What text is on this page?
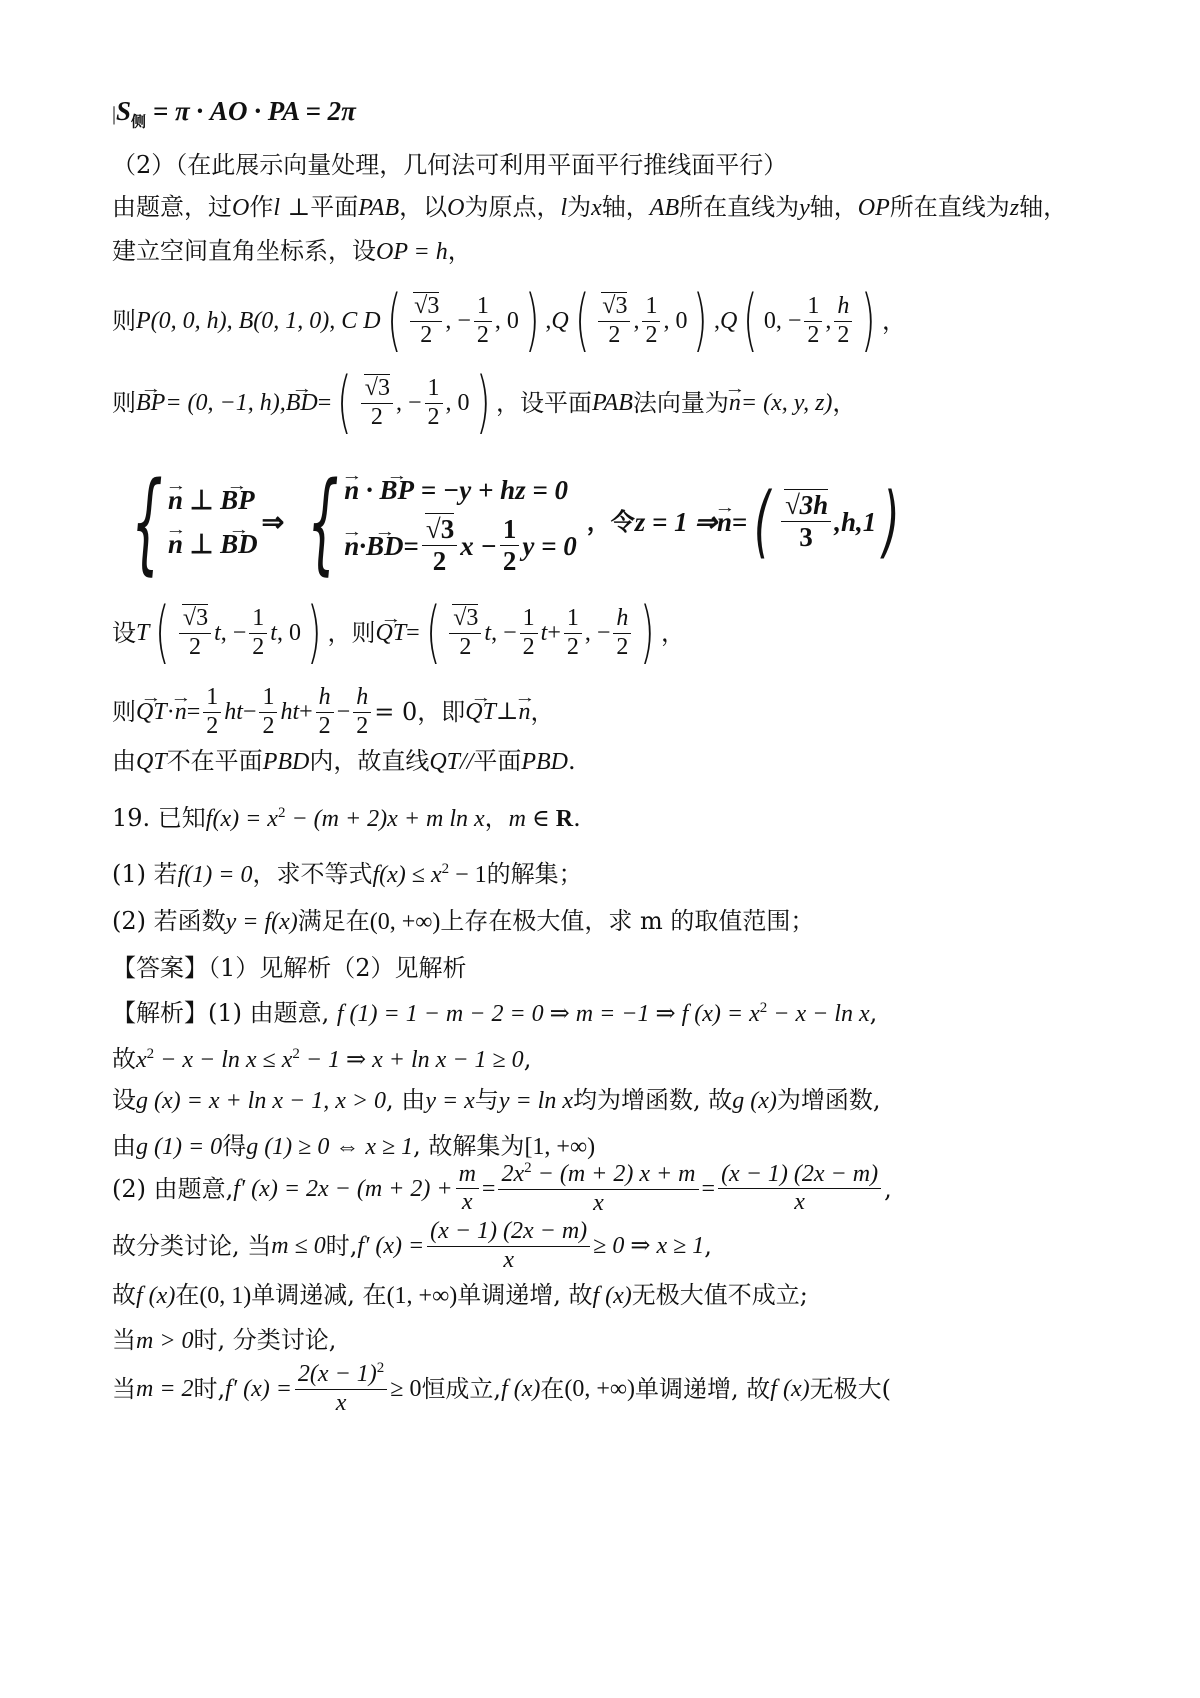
$|S_侧 = \pi$ · AO · PA = 2π
（2）（在此展示向量处理，几何法可利用平面平行推线面平行）
由题意，过O作l ⊥平面PAB，以O为原点，l为x轴，AB所在直线为y轴，OP所在直线为z轴，
建立空间直角坐标系，设OP = h，
则 P(0, 0, h), B(0, 1, 0), C D ( $\frac{√3}{2}$ , − $\frac{1}{2}$ , 0 ) , Q ( $\frac{√3}{2}$ , $\frac{1}{2}$ , 0 ) , Q ( 0, − $\frac{1}{2}$ , $\frac{h}{2}$ ) ，
则 → BP = (0, −1, h), → BD = ( $\frac{√3}{2}$ , − $\frac{1}{2}$ , 0 ) ，设平面 PAB 法向量为 → n = (x, y, z) ，
{ → n ⊥ → BP
→ n ⊥ → BD
⇒ { → n · → BP = −y + hz = 0
→ n · → BD = $\frac{√3}{2}$ $x - \frac{1}{2}$ y = 0
，令 z = 1 ⇒ → n = ( $\frac{√3h}{3} ,h,1$ )
设 T ( $\frac{√3}{2}$ t , − $\frac{1}{2}$ t , 0 ) ，则 → QT = ( $\frac{√3}{2}$ t , − $\frac{1}{2}$ $t + \frac{1}{2}$ , − $\frac{h}{2}$ ) ，
则 → QT · → $n = \frac{1}{2}$ ht − $\frac{1}{2}$ ht + $\frac{h}{2} - \frac{h}{2} = 0$，即 → QT ⊥ → n ，
由QT不在平面PBD内，故直线QT//平面PBD.
19. 已知$f(x) = x^2 - (m + 2)x + m$ ln x，m ∈ R.
(1) 若f(1) = 0，求不等式$f(x) \le x^2 - 1$的解集；
(2) 若函数y = f(x)满足在(0, +∞)上存在极大值，求 m 的取值范围；
【答案】（1）见解析（2）见解析
【解析】(1) 由题意, f (1) = 1 − m − 2 = 0 ⇒ m = −1 ⇒ f $(x) = x^2 - x - \ln x$,
故$x^2 - x - \ln x \le x^2 - 1$ ⇒ x + ln x − 1 ≥ 0,
设g (x) = x + ln x − 1, x > 0, 由y = x与y = ln x均为增函数, 故g (x)为增函数,
由g (1) = 0得g (1) ≥ 0 ⇔ x ≥ 1, 故解集为[1, +∞)
(2) 由题意, f′ $(x) = 2x - (m + 2) + \frac{m}{x} = \frac{2x^2 - (m + 2) x + m}{x} = \frac{(x - 1) (2x - m)}{x}$ ,
故分类讨论, 当 m ≤ 0 时, f′ $(x) = \frac{(x - 1) (2x - m)}{x} \ge 0$ ⇒ x ≥ 1 ,
故f (x)在(0, 1)单调递减, 在(1, +∞)单调递增, 故f (x)无极大值不成立;
当m > 0时, 分类讨论,
当 m = 2 时, f′ $(x) = \frac{2(x - 1)^2}{x} \ge 0$ 恒成立, f (x) 在 (0, +∞) 单调递增, 故 f (x) 无极大(
